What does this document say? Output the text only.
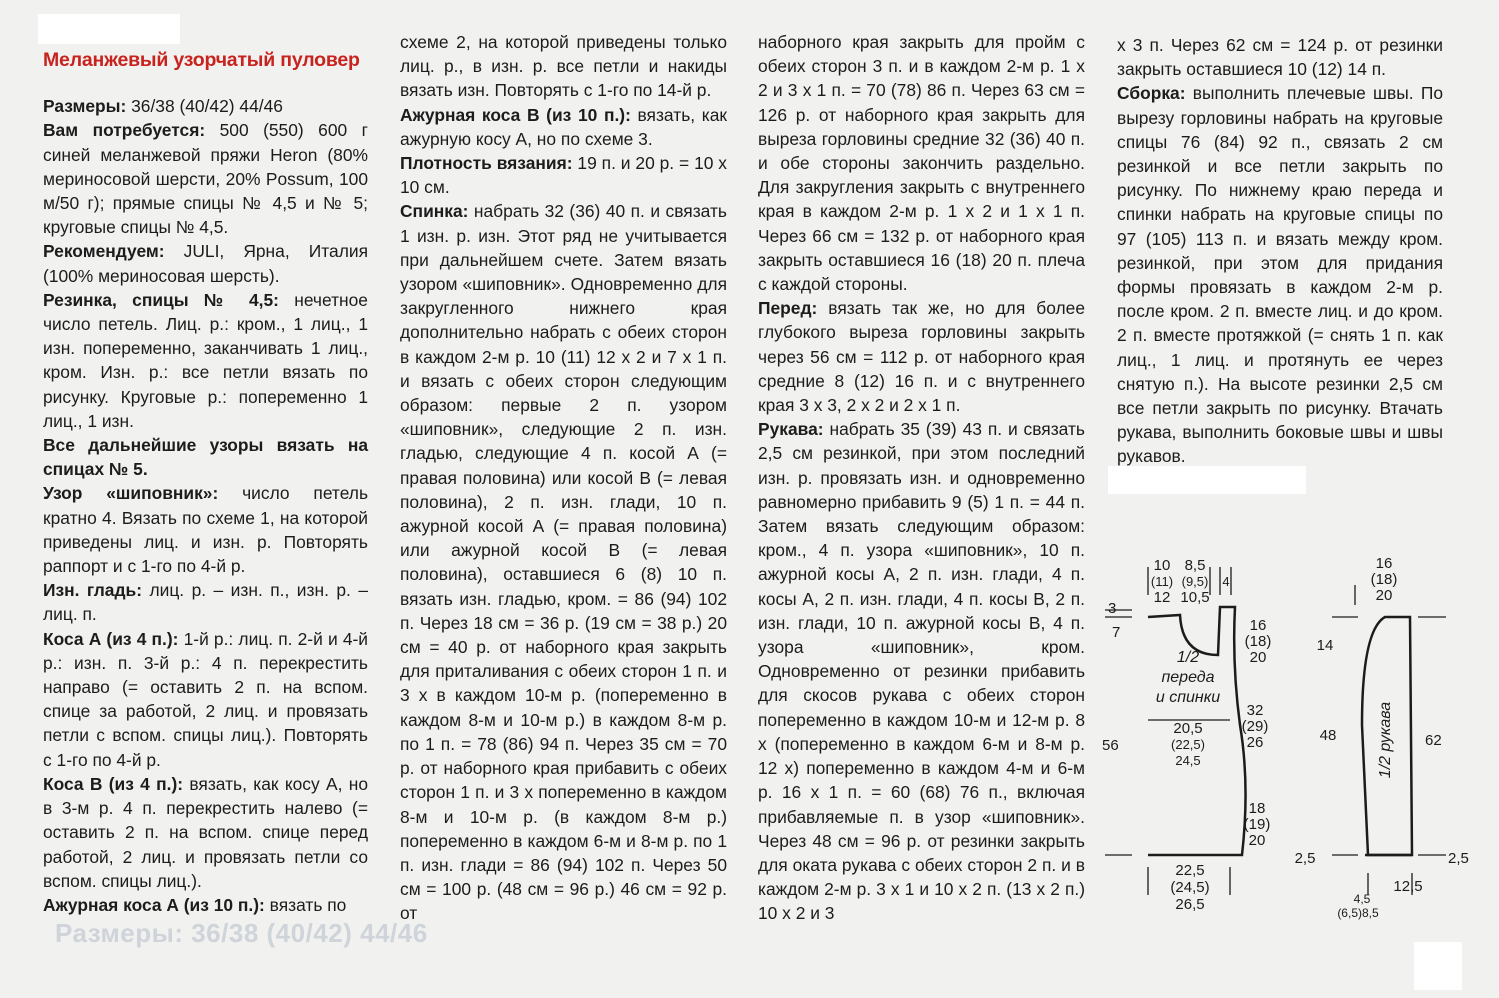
Размеры: 36/38 (40/42) 44/46

Меланжевый узорчатый пуловер

Размеры: 36/38 (40/42) 44/46

Вам потребуется: 500 (550) 600 г синей меланжевой пряжи Heron (80% мериносовой шерсти, 20% Possum, 100 м/50 г); прямые спицы № 4,5 и № 5; круговые спицы № 4,5.

Рекомендуем: JULI, Ярна, Италия (100% мериносовая шерсть).

Резинка, спицы № 4,5: нечетное число петель. Лиц. р.: кром., 1 лиц., 1 изн. попеременно, заканчивать 1 лиц., кром. Изн. р.: все петли вязать по рисунку. Круговые р.: попеременно 1 лиц., 1 изн.

Все дальнейшие узоры вязать на спицах № 5.

Узор «шиповник»: число петель кратно 4. Вязать по схеме 1, на которой приведены лиц. и изн. р. Повторять раппорт и с 1-го по 4-й р.

Изн. гладь: лиц. р. – изн. п., изн. р. – лиц. п.

Коса А (из 4 п.): 1-й р.: лиц. п. 2-й и 4-й р.: изн. п. 3-й р.: 4 п. перекрестить направо (= оставить 2 п. на вспом. спице за работой, 2 лиц. и провязать петли с вспом. спицы лиц.). Повторять с 1-го по 4-й р.

Коса В (из 4 п.): вязать, как косу А, но в 3-м р. 4 п. перекрестить налево (= оставить 2 п. на вспом. спице перед работой, 2 лиц. и провязать петли со вспом. спицы лиц.).

Ажурная коса А (из 10 п.): вязать по

схеме 2, на которой приведены только лиц. р., в изн. р. все петли и накиды вязать изн. Повторять с 1-го по 14-й р.

Ажурная коса В (из 10 п.): вязать, как ажурную косу А, но по схеме 3.

Плотность вязания: 19 п. и 20 р. = 10 x 10 см.

Спинка: набрать 32 (36) 40 п. и связать 1 изн. р. изн. Этот ряд не учитывается при дальнейшем счете. Затем вязать узором «шиповник». Одновременно для закругленного нижнего края дополнительно набрать с обеих сторон в каждом 2-м р. 10 (11) 12 x 2 и 7 x 1 п. и вязать с обеих сторон следующим образом: первые 2 п. узором «шиповник», следующие 2 п. изн. гладью, следующие 4 п. косой А (= правая половина) или косой В (= левая половина), 2 п. изн. глади, 10 п. ажурной косой А (= правая половина) или ажурной косой В (= левая половина), оставшиеся 6 (8) 10 п. вязать изн. гладью, кром. = 86 (94) 102 п. Через 18 см = 36 р. (19 см = 38 р.) 20 см = 40 р. от наборного края закрыть для приталивания с обеих сторон 1 п. и 3 x в каждом 10-м р. (попеременно в каждом 8-м и 10-м р.) в каждом 8-м р. по 1 п. = 78 (86) 94 п. Через 35 см = 70 р. от наборного края прибавить с обеих сторон 1 п. и 3 x попеременно в каждом 8-м и 10-м р. (в каждом 8-м р.) попеременно в каждом 6-м и 8-м р. по 1 п. изн. глади = 86 (94) 102 п. Через 50 см = 100 р. (48 см = 96 р.) 46 см = 92 р. от

наборного края закрыть для пройм с обеих сторон 3 п. и в каждом 2-м р. 1 x 2 и 3 x 1 п. = 70 (78) 86 п. Через 63 см = 126 р. от наборного края закрыть для выреза горловины средние 32 (36) 40 п. и обе стороны закончить раздельно. Для закругления закрыть с внутреннего края в каждом 2-м р. 1 x 2 и 1 x 1 п. Через 66 см = 132 р. от наборного края закрыть оставшиеся 16 (18) 20 п. плеча с каждой стороны.

Перед: вязать так же, но для более глубокого выреза горловины закрыть через 56 см = 112 р. от наборного края средние 8 (12) 16 п. и с внутреннего края 3 x 3, 2 x 2 и 2 x 1 п.

Рукава: набрать 35 (39) 43 п. и связать 2,5 см резинкой, при этом последний изн. р. провязать изн. и одновременно равномерно прибавить 9 (5) 1 п. = 44 п. Затем вязать следующим образом: кром., 4 п. узора «шиповник», 10 п. ажурной косы А, 2 п. изн. глади, 4 п. косы А, 2 п. изн. глади, 4 п. косы В, 2 п. изн. глади, 10 п. ажурной косы В, 4 п. узора «шиповник», кром. Одновременно от резинки прибавить для скосов рукава с обеих сторон попеременно в каждом 10-м и 12-м р. 8 x (попеременно в каждом 6-м и 8-м р. 12 x) попеременно в каждом 4-м и 6-м р. 16 x 1 п. = 60 (68) 76 п., включая прибавляемые п. в узор «шиповник». Через 48 см = 96 р. от резинки закрыть для оката рукава с обеих сторон 2 п. и в каждом 2-м р. 3 x 1 и 10 x 2 п. (13 x 2 п.) 10 x 2 и 3

x 3 п. Через 62 см = 124 р. от резинки закрыть оставшиеся 10 (12) 14 п.

Сборка: выполнить плечевые швы. По вырезу горловины набрать на круговые спицы 76 (84) 92 п., связать 2 см резинкой и все петли закрыть по рисунку. По нижнему краю переда и спинки набрать на круговые спицы по 97 (105) 113 п. и вязать между кром. резинкой, при этом для придания формы провязать в каждом 2-м р. после кром. 2 п. вместе лиц. и до кром. 2 п. вместе протяжкой (= снять 1 п. как лиц., 1 лиц. и протянуть ее через снятую п.). На высоте резинки 2,5 см все петли закрыть по рисунку. Втачать рукава, выполнить боковые швы и швы рукавов.

10
(11)
12
8,5
(9,5)
10,5
4
3
7
56
16
(18)
20
32
(29)
26
18
(19)
20
20,5
(22,5)
24,5
22,5
(24,5)
26,5
2,5
1/2
переда
и спинки
16
(18)
20
14
48	62
2,5
12,5
4,5
(6,5)8,5
1/2 рукава
